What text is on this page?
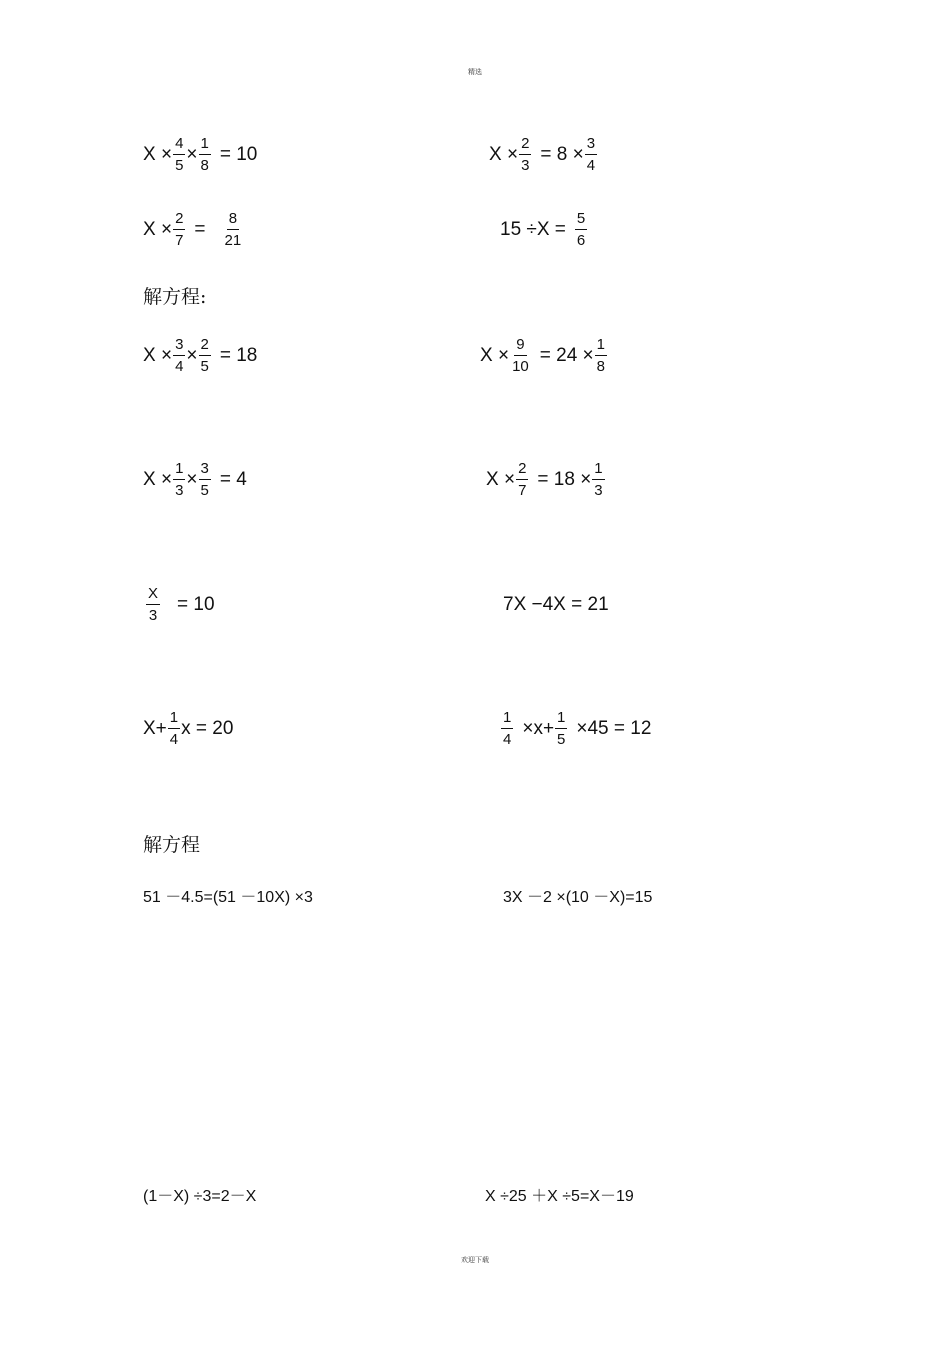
精选
$X \times \frac{4}{5} \times \frac{1}{8} = 10$	$X \times \frac{2}{3} = 8 \times \frac{3}{4}$
$X \times \frac{2}{7} = \frac{8}{21}$	$15 \div X = \frac{5}{6}$
解方程:
$X \times \frac{3}{4} \times \frac{2}{5} = 18$	$X \times \frac{9}{10} = 24 \times \frac{1}{8}$
$X \times \frac{1}{3} \times \frac{3}{5} = 4$	$X \times \frac{2}{7} = 18 \times \frac{1}{3}$
$\frac{X}{3} = 10$	7X −4X = 21
$X+ \frac{1}{4}$ x = 20	$\frac{1}{4} \times x+ \frac{1}{5} \times 45 = 12$
解方程
51 －4.5=(51 －10X) ×3	3X －2 ×(10 －X)=15
(1－X) ÷3=2－X	X ÷25 ＋X ÷5=X－19
欢迎下载
